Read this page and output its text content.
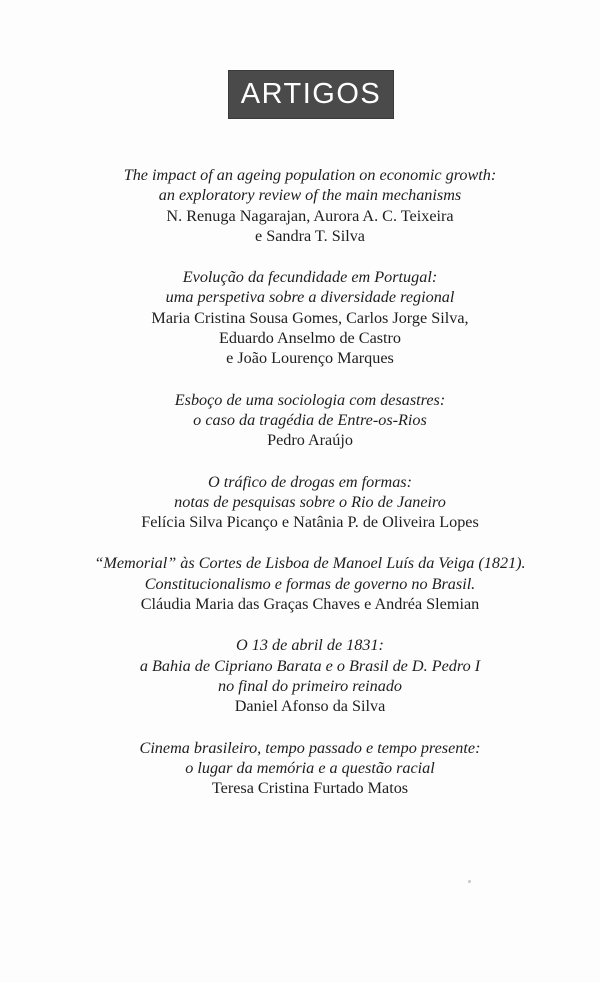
ARTIGOS
The impact of an ageing population on economic growth:
an exploratory review of the main mechanisms
N. Renuga Nagarajan, Aurora A. C. Teixeira
e Sandra T. Silva
Evolução da fecundidade em Portugal:
uma perspetiva sobre a diversidade regional
Maria Cristina Sousa Gomes, Carlos Jorge Silva,
Eduardo Anselmo de Castro
e João Lourenço Marques
Esboço de uma sociologia com desastres:
o caso da tragédia de Entre-os-Rios
Pedro Araújo
O tráfico de drogas em formas:
notas de pesquisas sobre o Rio de Janeiro
Felícia Silva Picanço e Natânia P. de Oliveira Lopes
“Memorial” às Cortes de Lisboa de Manoel Luís da Veiga (1821).
Constitucionalismo e formas de governo no Brasil.
Cláudia Maria das Graças Chaves e Andréa Slemian
O 13 de abril de 1831:
a Bahia de Cipriano Barata e o Brasil de D. Pedro I
no final do primeiro reinado
Daniel Afonso da Silva
Cinema brasileiro, tempo passado e tempo presente:
o lugar da memória e a questão racial
Teresa Cristina Furtado Matos
